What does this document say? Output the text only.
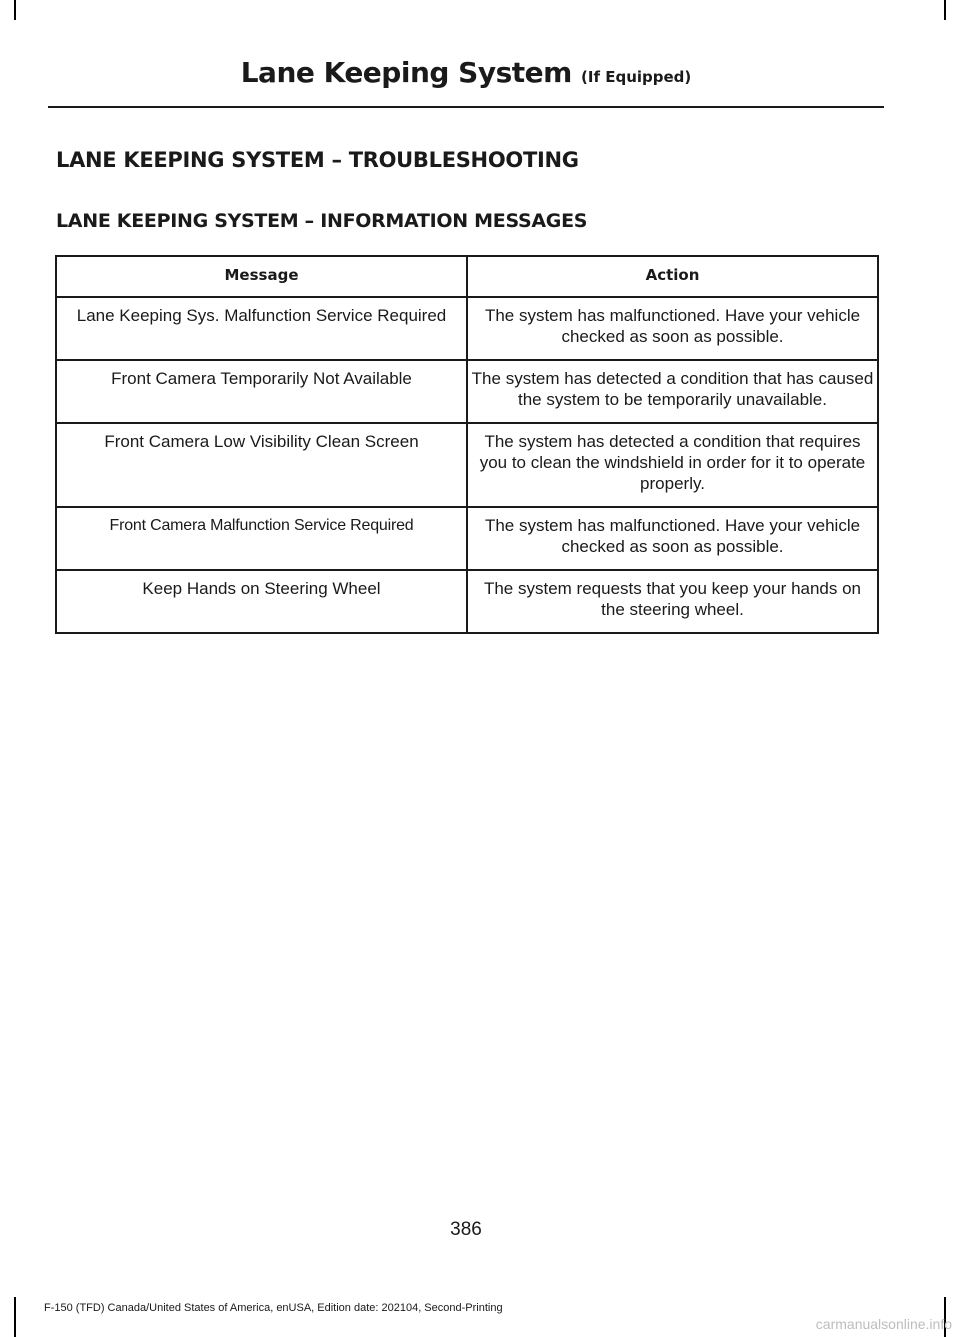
Lane Keeping System (If Equipped)
LANE KEEPING SYSTEM – TROUBLESHOOTING
LANE KEEPING SYSTEM – INFORMATION MESSAGES
Message	Action
Lane Keeping Sys. Malfunction Service Required	The system has malfunctioned. Have your vehicle checked as soon as possible.
Front Camera Temporarily Not Available	The system has detected a condition that has caused the system to be temporarily unavailable.
Front Camera Low Visibility Clean Screen	The system has detected a condition that requires you to clean the windshield in order for it to operate properly.
Front Camera Malfunction Service Required	The system has malfunctioned. Have your vehicle checked as soon as possible.
Keep Hands on Steering Wheel	The system requests that you keep your hands on the steering wheel.
386
F-150 (TFD) Canada/United States of America, enUSA, Edition date: 202104, Second-Printing
carmanualsonline.info
